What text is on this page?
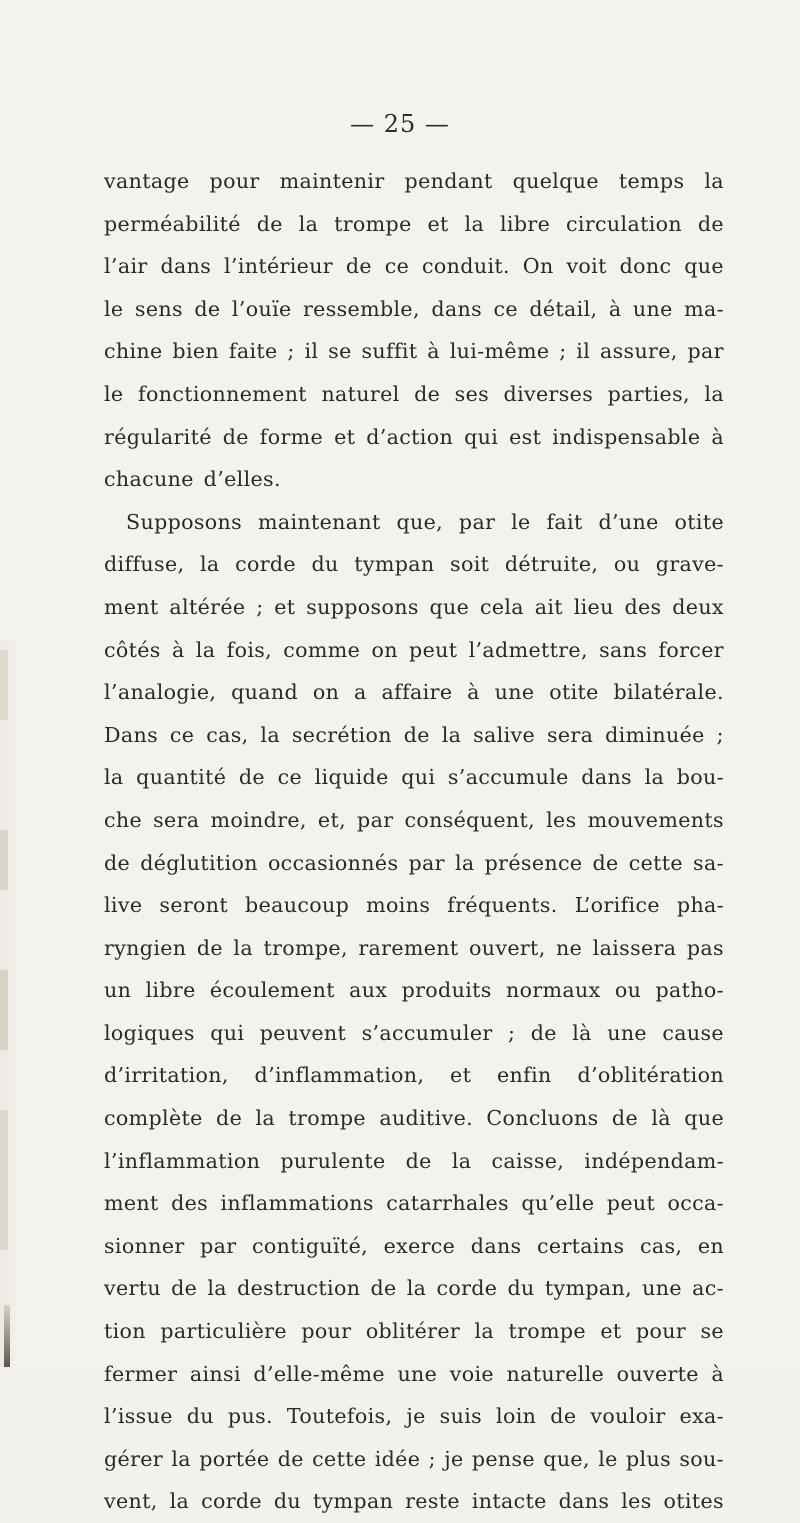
— 25 —
vantage pour maintenir pendant quelque temps la
perméabilité de la trompe et la libre circulation de
l’air dans l’intérieur de ce conduit. On voit donc que
le sens de l’ouïe ressemble, dans ce détail, à une ma-
chine bien faite ; il se suffit à lui-même ; il assure, par
le fonctionnement naturel de ses diverses parties, la
régularité de forme et d’action qui est indispensable à
chacune d’elles.
Supposons maintenant que, par le fait d’une otite
diffuse, la corde du tympan soit détruite, ou grave-
ment altérée ; et supposons que cela ait lieu des deux
côtés à la fois, comme on peut l’admettre, sans forcer
l’analogie, quand on a affaire à une otite bilatérale.
Dans ce cas, la secrétion de la salive sera diminuée ;
la quantité de ce liquide qui s’accumule dans la bou-
che sera moindre, et, par conséquent, les mouvements
de déglutition occasionnés par la présence de cette sa-
live seront beaucoup moins fréquents. L’orifice pha-
ryngien de la trompe, rarement ouvert, ne laissera pas
un libre écoulement aux produits normaux ou patho-
logiques qui peuvent s’accumuler ; de là une cause
d’irritation, d’inflammation, et enfin d’oblitération
complète de la trompe auditive. Concluons de là que
l’inflammation purulente de la caisse, indépendam-
ment des inflammations catarrhales qu’elle peut occa-
sionner par contiguïté, exerce dans certains cas, en
vertu de la destruction de la corde du tympan, une ac-
tion particulière pour oblitérer la trompe et pour se
fermer ainsi d’elle-même une voie naturelle ouverte à
l’issue du pus. Toutefois, je suis loin de vouloir exa-
gérer la portée de cette idée ; je pense que, le plus sou-
vent, la corde du tympan reste intacte dans les otites
